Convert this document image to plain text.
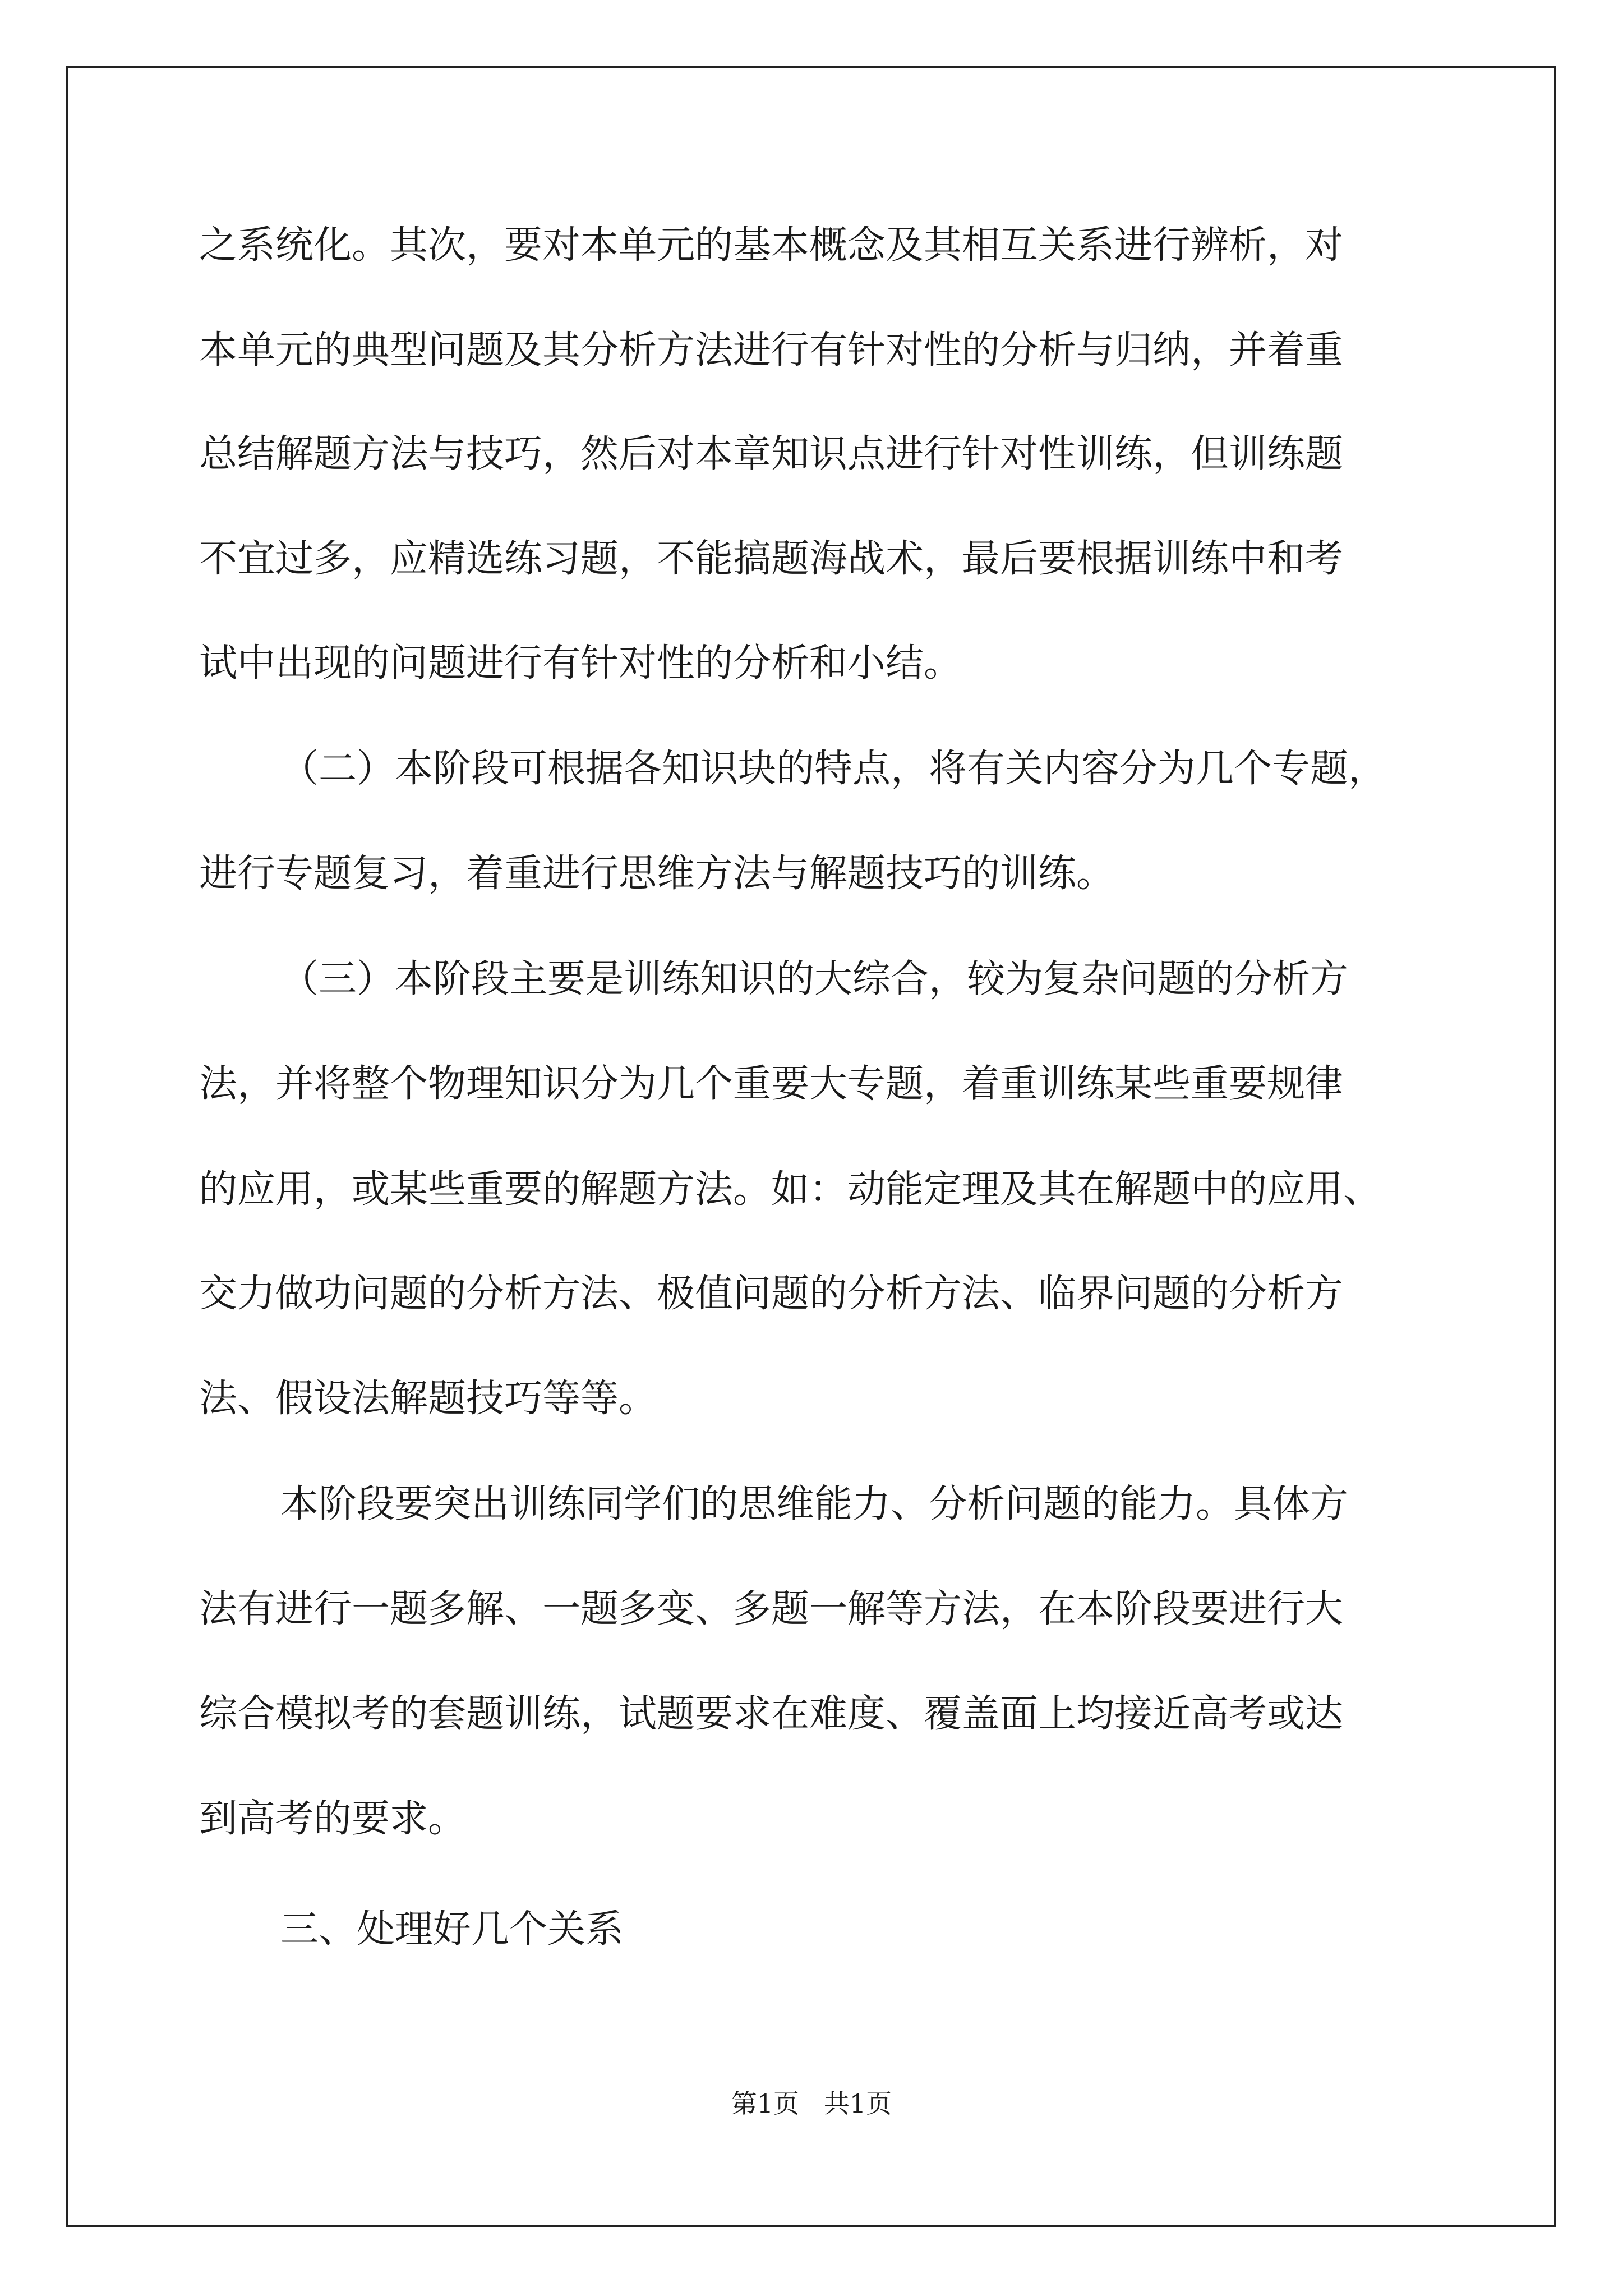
之系统化。其次，要对本单元的基本概念及其相互关系进行辨析，对
本单元的典型问题及其分析方法进行有针对性的分析与归纳，并着重
总结解题方法与技巧，然后对本章知识点进行针对性训练，但训练题
不宜过多，应精选练习题，不能搞题海战术，最后要根据训练中和考
试中出现的问题进行有针对性的分析和小结。
（二）本阶段可根据各知识块的特点，将有关内容分为几个专题，
进行专题复习，着重进行思维方法与解题技巧的训练。
（三）本阶段主要是训练知识的大综合，较为复杂问题的分析方
法，并将整个物理知识分为几个重要大专题，着重训练某些重要规律
的应用，或某些重要的解题方法。如：动能定理及其在解题中的应用、
交力做功问题的分析方法、极值问题的分析方法、临界问题的分析方
法、假设法解题技巧等等。
本阶段要突出训练同学们的思维能力、分析问题的能力。具体方
法有进行一题多解、一题多变、多题一解等方法，在本阶段要进行大
综合模拟考的套题训练，试题要求在难度、覆盖面上均接近高考或达
到高考的要求。
三、处理好几个关系
第1页   共1页
